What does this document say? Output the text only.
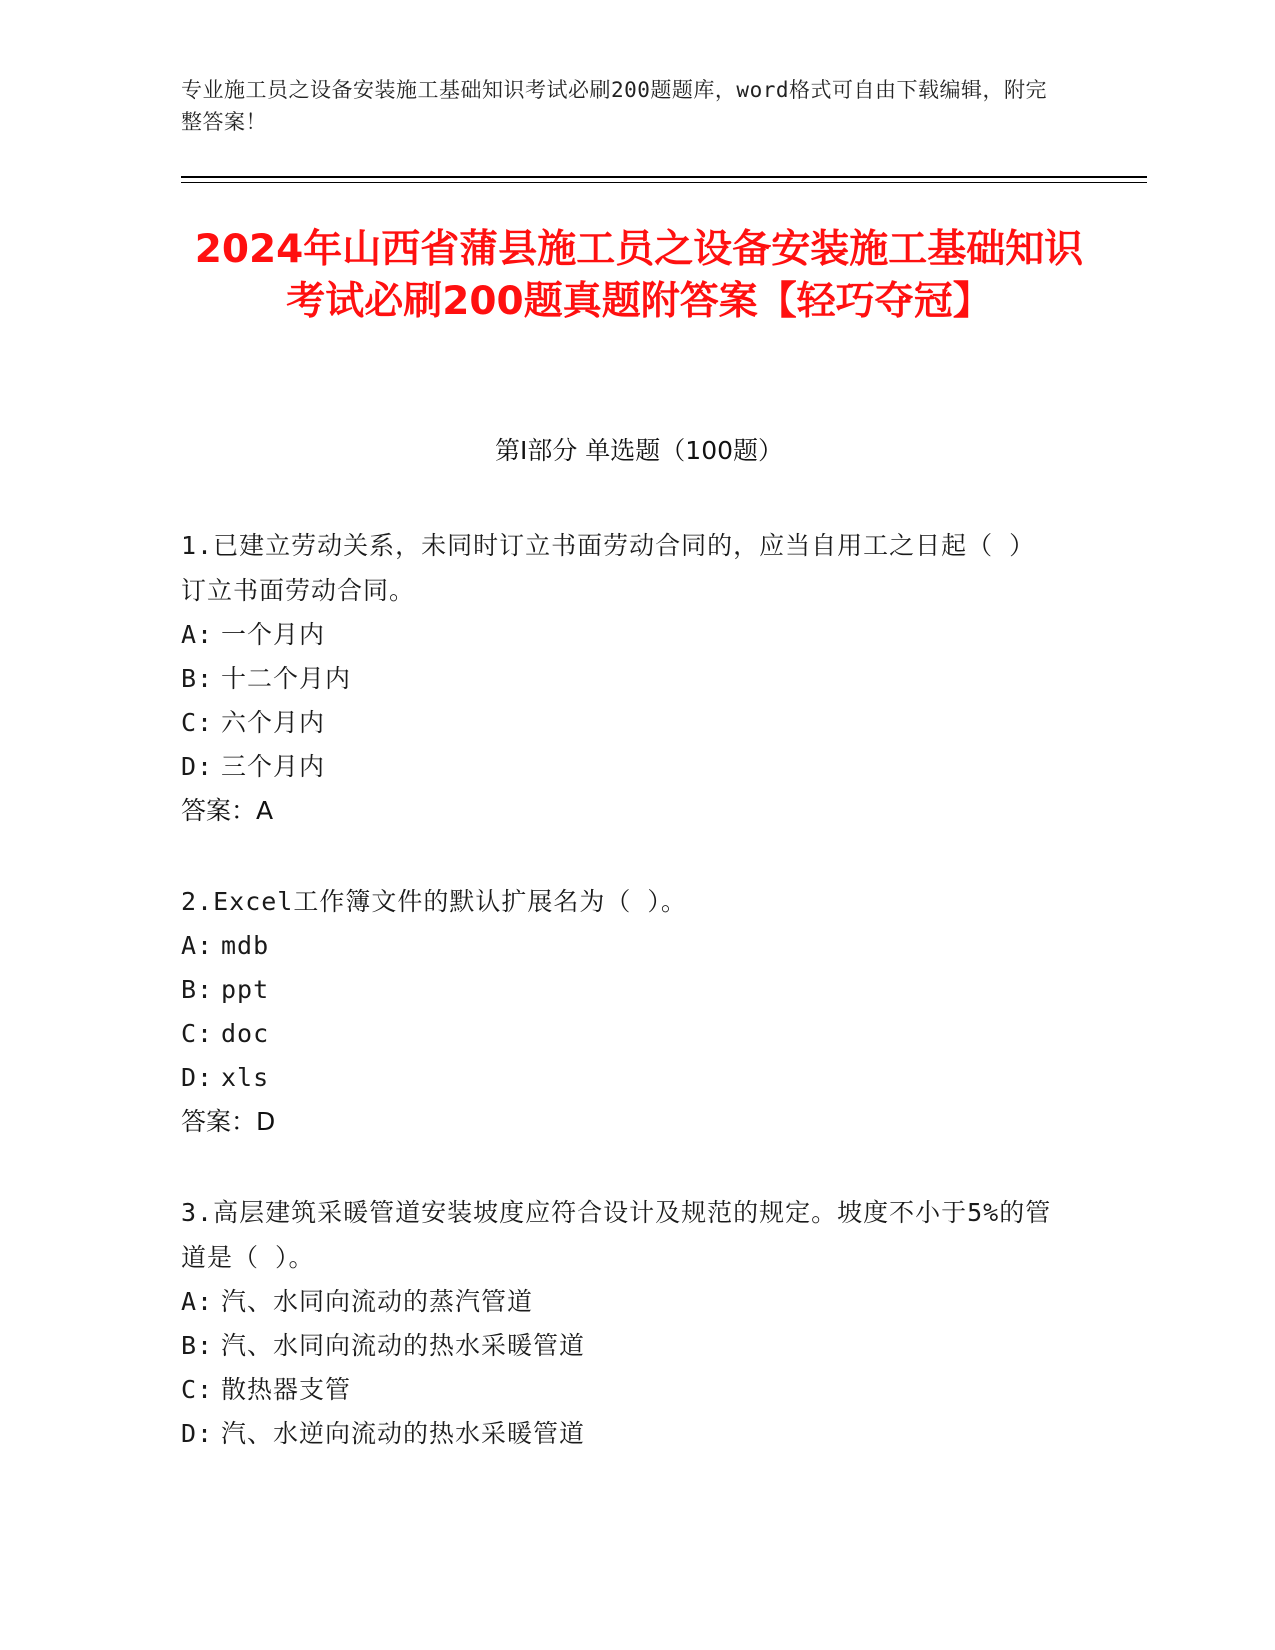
专业施工员之设备安装施工基础知识考试必刷200题题库，word格式可自由下载编辑，附完整答案！
2024年山西省蒲县施工员之设备安装施工基础知识考试必刷200题真题附答案【轻巧夺冠】
第Ⅰ部分 单选题（100题）
1.已建立劳动关系，未同时订立书面劳动合同的，应当自用工之日起（ ）订立书面劳动合同。
A: 一个月内
B: 十二个月内
C: 六个月内
D: 三个月内
答案：A
2.Excel工作簿文件的默认扩展名为（ ）。
A: mdb
B: ppt
C: doc
D: xls
答案：D
3.高层建筑采暖管道安装坡度应符合设计及规范的规定。坡度不小于5%的管道是（ ）。
A: 汽、水同向流动的蒸汽管道
B: 汽、水同向流动的热水采暖管道
C: 散热器支管
D: 汽、水逆向流动的热水采暖管道
